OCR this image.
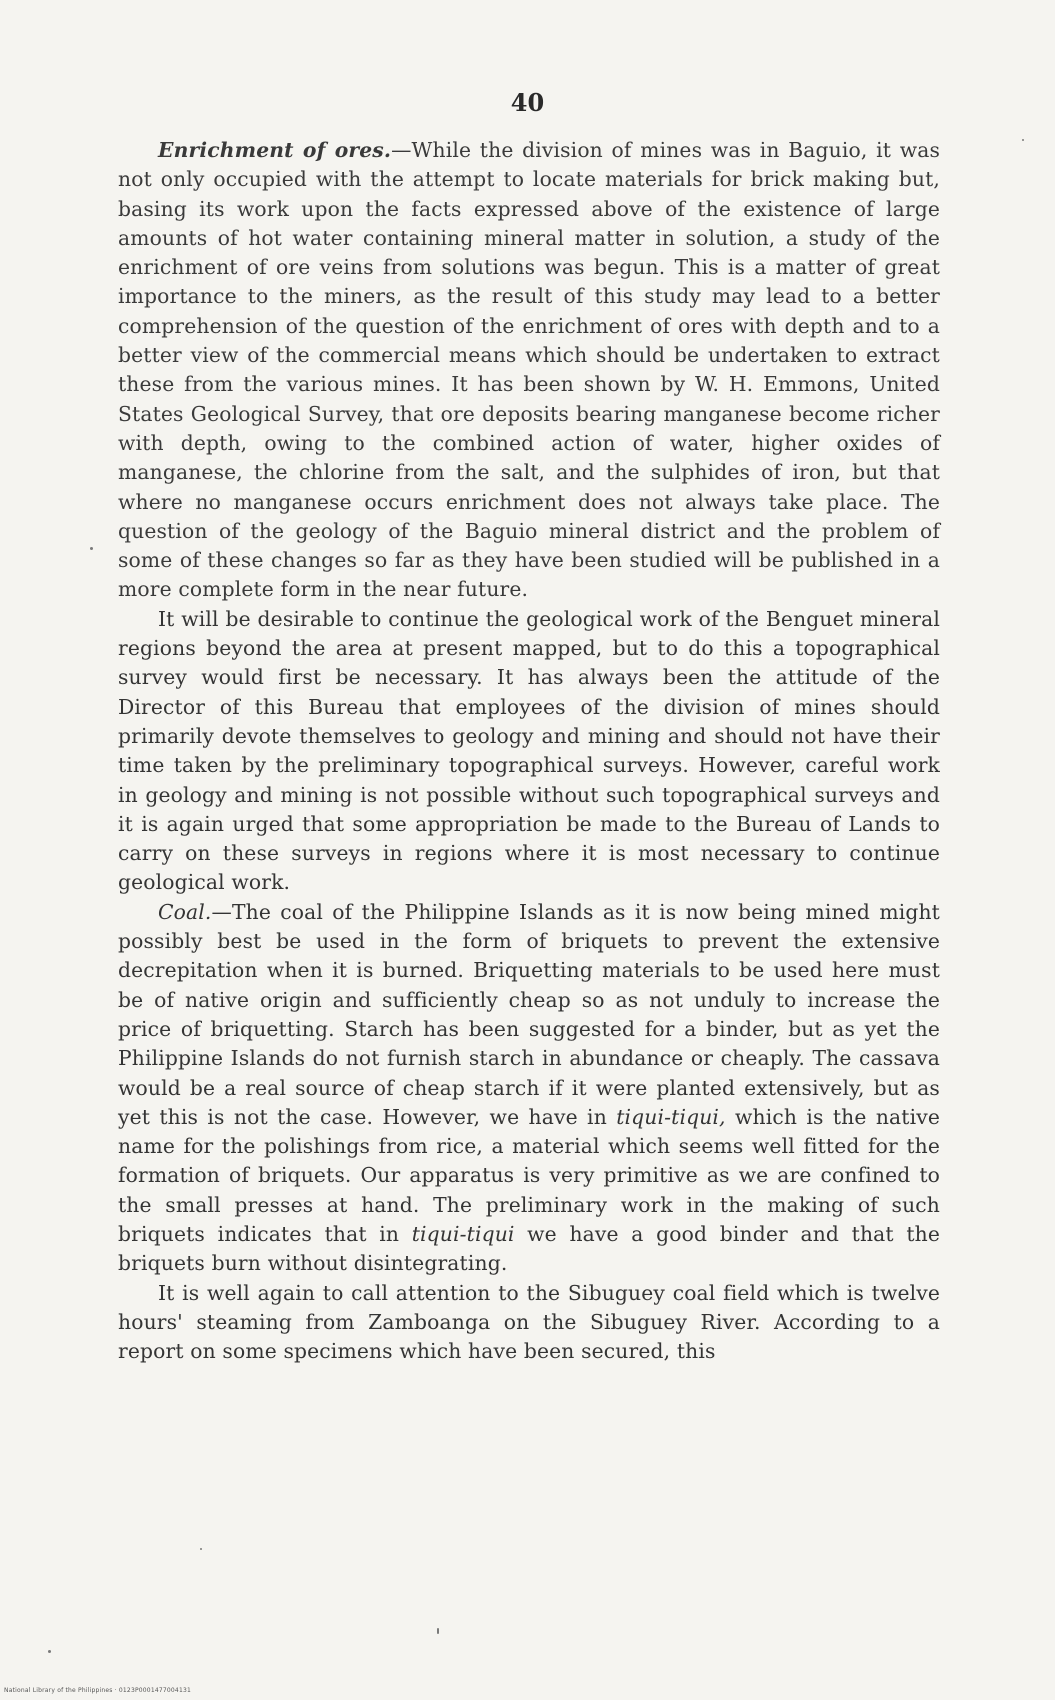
40

Enrichment of ores.—While the division of mines was in Baguio, it was not only occupied with the attempt to locate materials for brick making but, basing its work upon the facts expressed above of the existence of large amounts of hot water containing mineral matter in solution, a study of the enrichment of ore veins from solutions was begun. This is a matter of great importance to the miners, as the result of this study may lead to a better comprehension of the question of the enrichment of ores with depth and to a better view of the commercial means which should be undertaken to extract these from the various mines. It has been shown by W. H. Emmons, United States Geological Survey, that ore deposits bearing manganese become richer with depth, owing to the combined action of water, higher oxides of manganese, the chlorine from the salt, and the sulphides of iron, but that where no manganese occurs enrichment does not always take place. The question of the geology of the Baguio mineral district and the problem of some of these changes so far as they have been studied will be published in a more complete form in the near future.

It will be desirable to continue the geological work of the Benguet mineral regions beyond the area at present mapped, but to do this a topographical survey would first be necessary. It has always been the attitude of the Director of this Bureau that employees of the division of mines should primarily devote themselves to geology and mining and should not have their time taken by the preliminary topographical surveys. However, careful work in geology and mining is not possible without such topographical surveys and it is again urged that some appropriation be made to the Bureau of Lands to carry on these surveys in regions where it is most necessary to continue geological work.

Coal.—The coal of the Philippine Islands as it is now being mined might possibly best be used in the form of briquets to prevent the extensive decrepitation when it is burned. Briquetting materials to be used here must be of native origin and sufficiently cheap so as not unduly to increase the price of briquetting. Starch has been suggested for a binder, but as yet the Philippine Islands do not furnish starch in abundance or cheaply. The cassava would be a real source of cheap starch if it were planted extensively, but as yet this is not the case. However, we have in tiqui-tiqui, which is the native name for the polishings from rice, a material which seems well fitted for the formation of briquets. Our apparatus is very primitive as we are confined to the small presses at hand. The preliminary work in the making of such briquets indicates that in tiqui-tiqui we have a good binder and that the briquets burn without disintegrating.

It is well again to call attention to the Sibuguey coal field which is twelve hours' steaming from Zamboanga on the Sibuguey River. According to a report on some specimens which have been secured, this

National Library of the Philippines · 0123P0001477004131
